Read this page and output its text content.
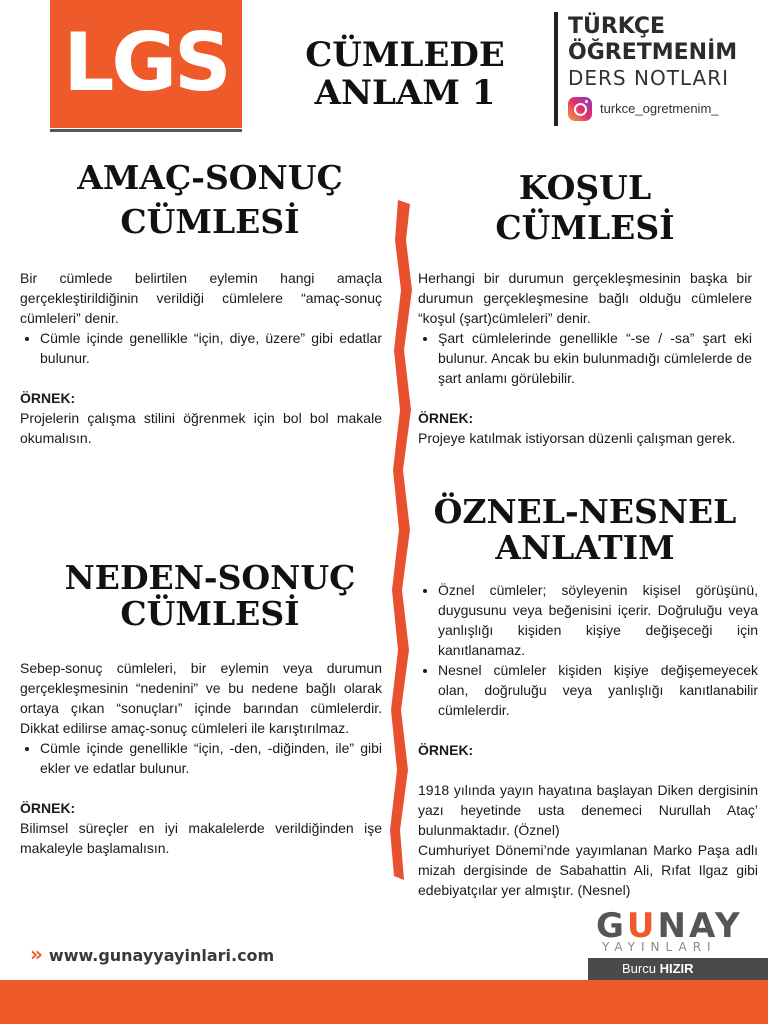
LGS	CÜMLEDE
ANLAM 1
TÜRKÇE
ÖĞRETMENİM
DERS NOTLARI
turkce_ogretmenim_
AMAÇ-SONUÇ
CÜMLESİ

Bir cümlede belirtilen eylemin hangi amaçla gerçekleştirildiğinin verildiği cümlelere “amaç-sonuç cümleleri” denir.

• Cümle içinde genellikle “için, diye, üzere” gibi edatlar bulunur.

ÖRNEK:

Projelerin çalışma stilini öğrenmek için bol bol makale okumalısın.

KOŞUL
CÜMLESİ

Herhangi bir durumun gerçekleşmesinin başka bir durumun gerçekleşmesine bağlı olduğu cümlelere “koşul (şart)cümleleri” denir.

• Şart cümlelerinde genellikle “-se / -sa” şart eki bulunur. Ancak bu ekin bulunmadığı cümlelerde de şart anlamı görülebilir.

ÖRNEK:

Projeye katılmak istiyorsan düzenli çalışman gerek.

NEDEN-SONUÇ
CÜMLESİ

Sebep-sonuç cümleleri, bir eylemin veya durumun gerçekleşmesinin “nedenini” ve bu nedene bağlı olarak ortaya çıkan “sonuçları” içinde barından cümlelerdir. Dikkat edilirse amaç-sonuç cümleleri ile karıştırılmaz.

• Cümle içinde genellikle “için, -den, -diğinden, ile” gibi ekler ve edatlar bulunur.

ÖRNEK:

Bilimsel süreçler en iyi makalelerde verildiğinden işe makaleyle başlamalısın.

ÖZNEL-NESNEL
ANLATIM
• Öznel cümleler; söyleyenin kişisel görüşünü, duygusunu veya beğenisini içerir. Doğruluğu veya yanlışlığı kişiden kişiye değişeceği için kanıtlanamaz.
• Nesnel cümleler kişiden kişiye değişemeyecek olan, doğruluğu veya yanlışlığı kanıtlanabilir cümlelerdir.

ÖRNEK:

1918 yılında yayın hayatına başlayan Diken dergisinin yazı heyetinde usta denemeci Nurullah Ataç’ bulunmaktadır. (Öznel)

Cumhuriyet Dönemi’nde yayımlanan Marko Paşa adlı mizah dergisinde de Sabahattin Ali, Rıfat Ilgaz gibi edebiyatçılar yer almıştır. (Nesnel)

» www.gunayyayinlari.com
GUNAY
YAYINLARI
Burcu HIZIR
